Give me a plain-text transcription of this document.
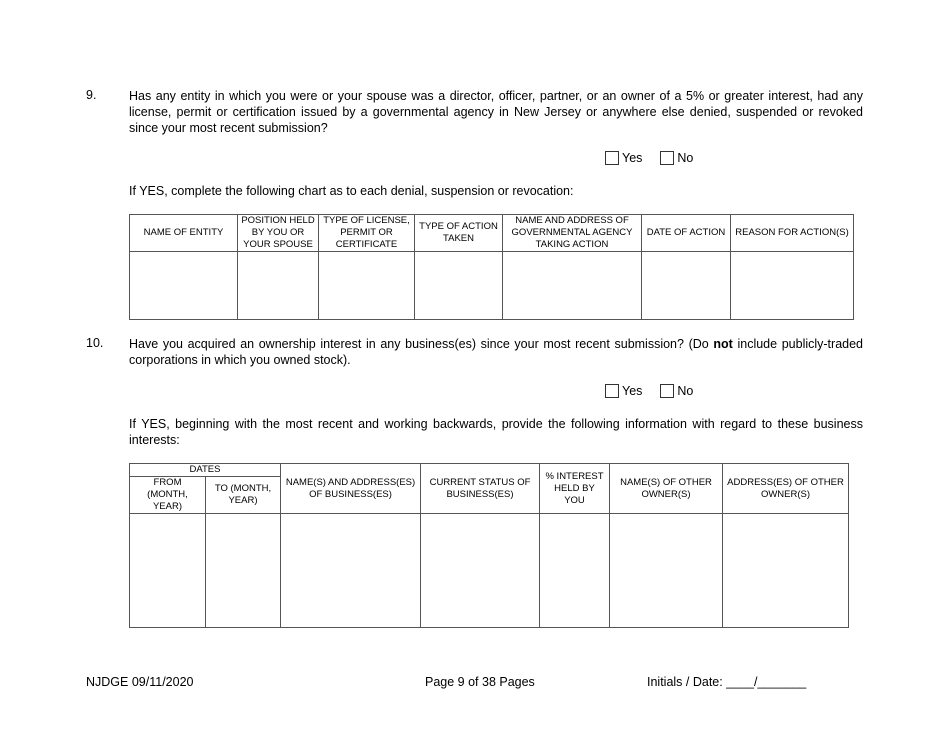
9.	Has any entity in which you were or your spouse was a director, officer, partner, or an owner of a 5% or greater interest, had any license, permit or certification issued by a governmental agency in New Jersey or anywhere else denied, suspended or revoked since your most recent submission?
Yes	No
If YES, complete the following chart as to each denial, suspension or revocation:
NAME OF ENTITY	POSITION HELD BY YOU OR YOUR SPOUSE	TYPE OF LICENSE, PERMIT OR CERTIFICATE	TYPE OF ACTION TAKEN	NAME AND ADDRESS OF GOVERNMENTAL AGENCY TAKING ACTION	DATE OF ACTION	REASON FOR ACTION(S)

10. Have you acquired an ownership interest in any business(es) since your most recent submission? (Do not include publicly-traded corporations in which you owned stock).
Yes	No
If YES, beginning with the most recent and working backwards, provide the following information with regard to these business interests:
DATES		NAME(S) AND ADDRESS(ES) OF BUSINESS(ES)	CURRENT STATUS OF BUSINESS(ES)	% INTEREST HELD BY YOU	NAME(S) OF OTHER OWNER(S)	ADDRESS(ES) OF OTHER OWNER(S)
FROM (MONTH, YEAR)	TO (MONTH, YEAR)					

NJDGE 09/11/2020	Page 9 of 38 Pages	Initials / Date: ____/_______
